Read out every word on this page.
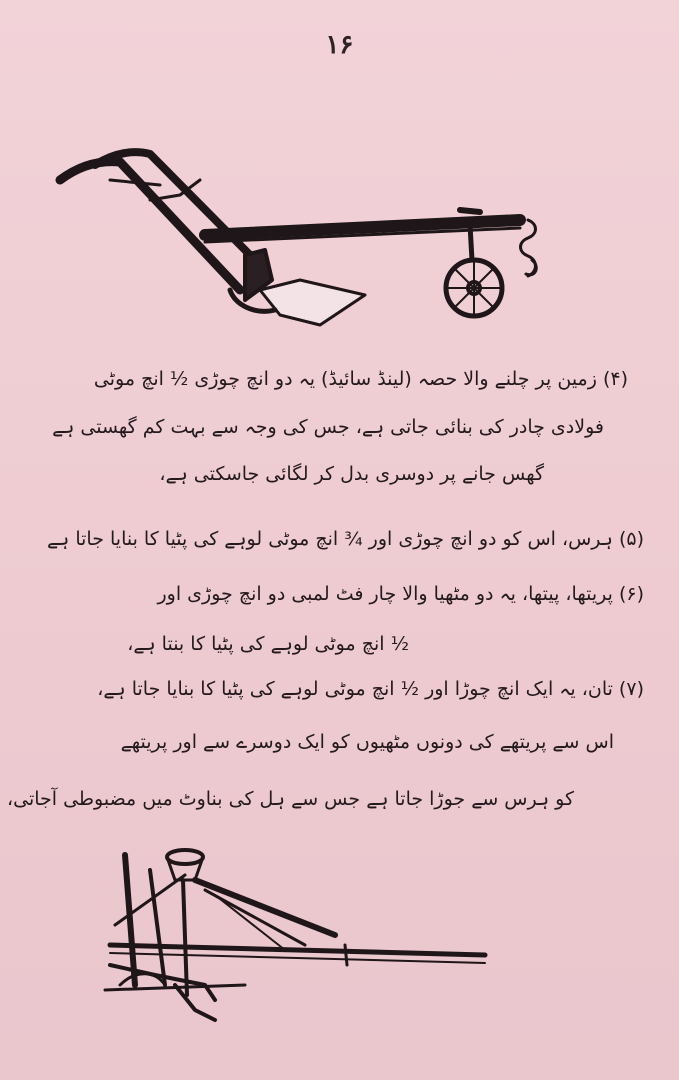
۱۶
(۴) زمین پر چلنے والا حصہ (لینڈ سائیڈ) یہ دو انچ چوڑی ½ انچ موٹی
فولادی چادر کی بنائی جاتی ہے، جس کی وجہ سے بہت کم گھستی ہے
گھس جانے پر دوسری بدل کر لگائی جاسکتی ہے،
(۵) ہرس، اس کو دو انچ چوڑی اور ¾ انچ موٹی لوہے کی پٹیا کا بنایا جاتا ہے
(۶) پریتھا، پیتھا، یہ دو مٹھیا والا چار فٹ لمبی دو انچ چوڑی اور
½ انچ موٹی لوہے کی پٹیا کا بنتا ہے،
(۷) تان، یہ ایک انچ چوڑا اور ½ انچ موٹی لوہے کی پٹیا کا بنایا جاتا ہے،
اس سے پریتھے کی دونوں مٹھیوں کو ایک دوسرے سے اور پریتھے
کو ہرس سے جوڑا جاتا ہے جس سے ہل کی بناوٹ میں مضبوطی آجاتی،
